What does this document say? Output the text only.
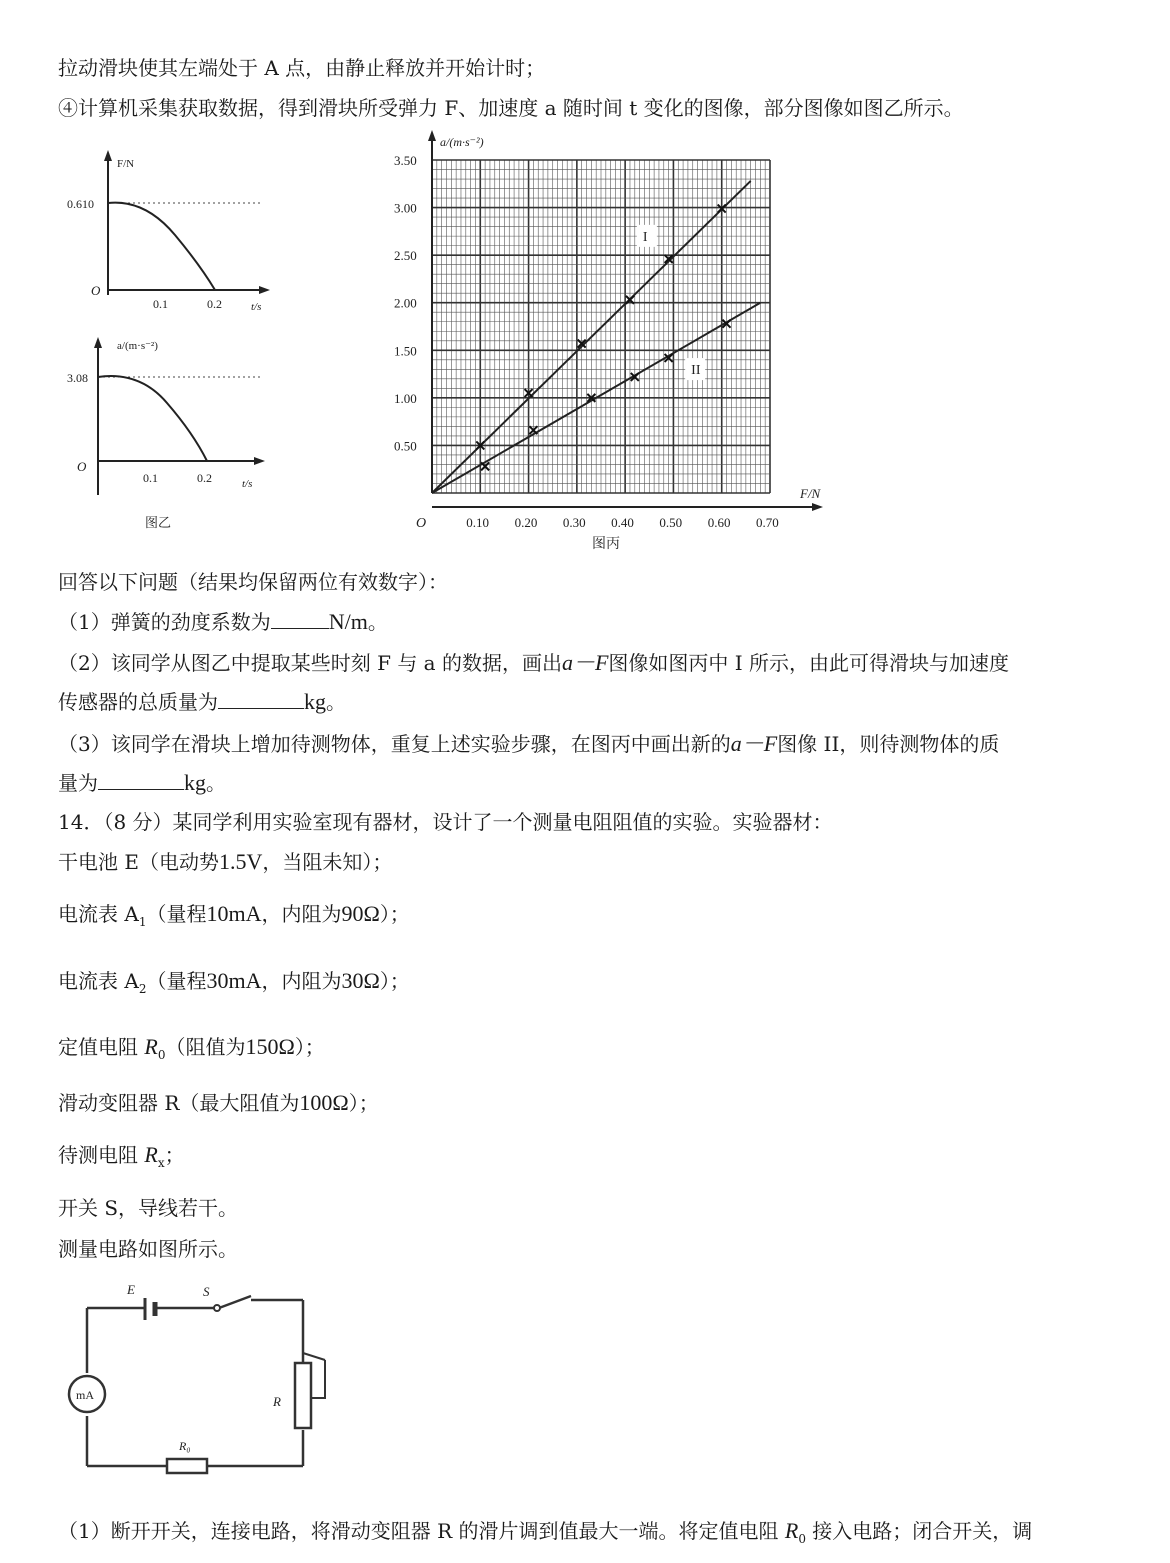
拉动滑块使其左端处于 A 点，由静止释放并开始计时；
④计算机采集获取数据，得到滑块所受弹力 F、加速度 a 随时间 t 变化的图像，部分图像如图乙所示。
F/N
0.610
O
0.1	0.2	t/s
a/(m·s⁻²)
3.08
O
0.1	0.2	t/s
图乙
0.50
1.00
1.50
2.00
2.50
3.00
3.50
0.10 0.20 0.30 0.40 0.50 0.60 0.70
O
a/(m·s⁻²)
F/N
图丙
I
II
回答以下问题（结果均保留两位有效数字）：
（1）弹簧的劲度系数为	N/m。
（2）该同学从图乙中提取某些时刻 F 与 a 的数据，画出a－F图像如图丙中 I 所示，由此可得滑块与加速度
传感器的总质量为	kg。
（3）该同学在滑块上增加待测物体，重复上述实验步骤，在图丙中画出新的a－F图像 II，则待测物体的质
量为	kg。
14．（8 分）某同学利用实验室现有器材，设计了一个测量电阻阻值的实验。实验器材：
干电池 E（电动势1.5V，当阻未知）；
电流表 $A_1$（量程10mA，内阻为90Ω）；
电流表 $A_2$（量程30mA，内阻为30Ω）；
定值电阻 $R_0$（阻值为150Ω）；
滑动变阻器 R（最大阻值为100Ω）；
待测电阻 $R_x$；
开关 S，导线若干。
测量电路如图所示。
mA
E	S
R
R₀
（1）断开开关，连接电路，将滑动变阻器 R 的滑片调到值最大一端。将定值电阻 $R_0$ 接入电路；闭合开关，调
